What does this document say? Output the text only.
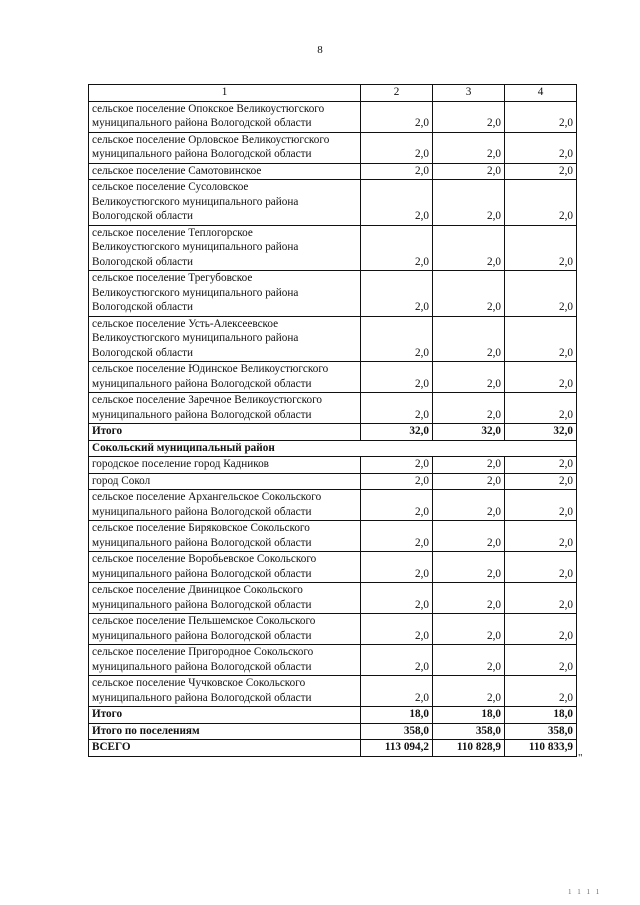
8
1	2	3	4

сельское поселение Опокское Великоустюгского
муниципального района Вологодской области	2,0	2,0	2,0

сельское поселение Орловское Великоустюгского
муниципального района Вологодской области	2,0	2,0	2,0

сельское поселение Самотовинское	2,0	2,0	2,0

сельское поселение Сусоловское
Великоустюгского муниципального района
Вологодской области	2,0	2,0	2,0

сельское поселение Теплогорское
Великоустюгского муниципального района
Вологодской области	2,0	2,0	2,0

сельское поселение Трегубовское
Великоустюгского муниципального района
Вологодской области	2,0	2,0	2,0

сельское поселение Усть-Алексеевское
Великоустюгского муниципального района
Вологодской области	2,0	2,0	2,0

сельское поселение Юдинское Великоустюгского
муниципального района Вологодской области	2,0	2,0	2,0

сельское поселение Заречное Великоустюгского
муниципального района Вологодской области	2,0	2,0	2,0

Итого	32,0	32,0	32,0

Сокольский муниципальный район			

городское поселение город Кадников	2,0	2,0	2,0

город Сокол	2,0	2,0	2,0

сельское поселение Архангельское Сокольского
муниципального района Вологодской области	2,0	2,0	2,0

сельское поселение Биряковское Сокольского
муниципального района Вологодской области	2,0	2,0	2,0

сельское поселение Воробьевское Сокольского
муниципального района Вологодской области	2,0	2,0	2,0

сельское поселение Двиницкое Сокольского
муниципального района Вологодской области	2,0	2,0	2,0

сельское поселение Пельшемское Сокольского
муниципального района Вологодской области	2,0	2,0	2,0

сельское поселение Пригородное Сокольского
муниципального района Вологодской области	2,0	2,0	2,0

сельское поселение Чучковское Сокольского
муниципального района Вологодской области	2,0	2,0	2,0

Итого	18,0	18,0	18,0

Итого по поселениям	358,0	358,0	358,0

ВСЕГО	113 094,2	110 828,9	110 833,9
"
1 1 1 1
